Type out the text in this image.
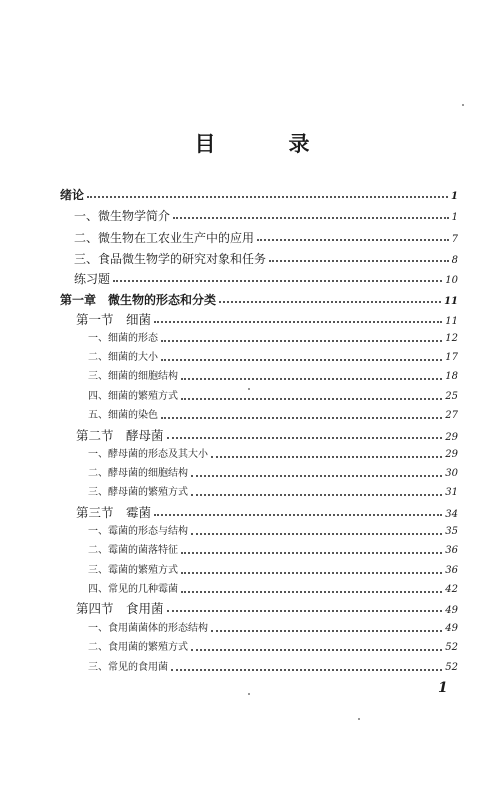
目　录
绪论	1
一、微生物学简介	1
二、微生物在工农业生产中的应用	7
三、食品微生物学的研究对象和任务	8
练习题	10
第一章　微生物的形态和分类	11
第一节　细菌	11
一、细菌的形态	12
二、细菌的大小	17
三、细菌的细胞结构	18
四、细菌的繁殖方式	25
五、细菌的染色	27
第二节　酵母菌	29
一、酵母菌的形态及其大小	29
二、酵母菌的细胞结构	30
三、酵母菌的繁殖方式	31
第三节　霉菌	34
一、霉菌的形态与结构	35
二、霉菌的菌落特征	36
三、霉菌的繁殖方式	36
四、常见的几种霉菌	42
第四节　食用菌	49
一、食用菌菌体的形态结构	49
二、食用菌的繁殖方式	52
三、常见的食用菌	52
1
